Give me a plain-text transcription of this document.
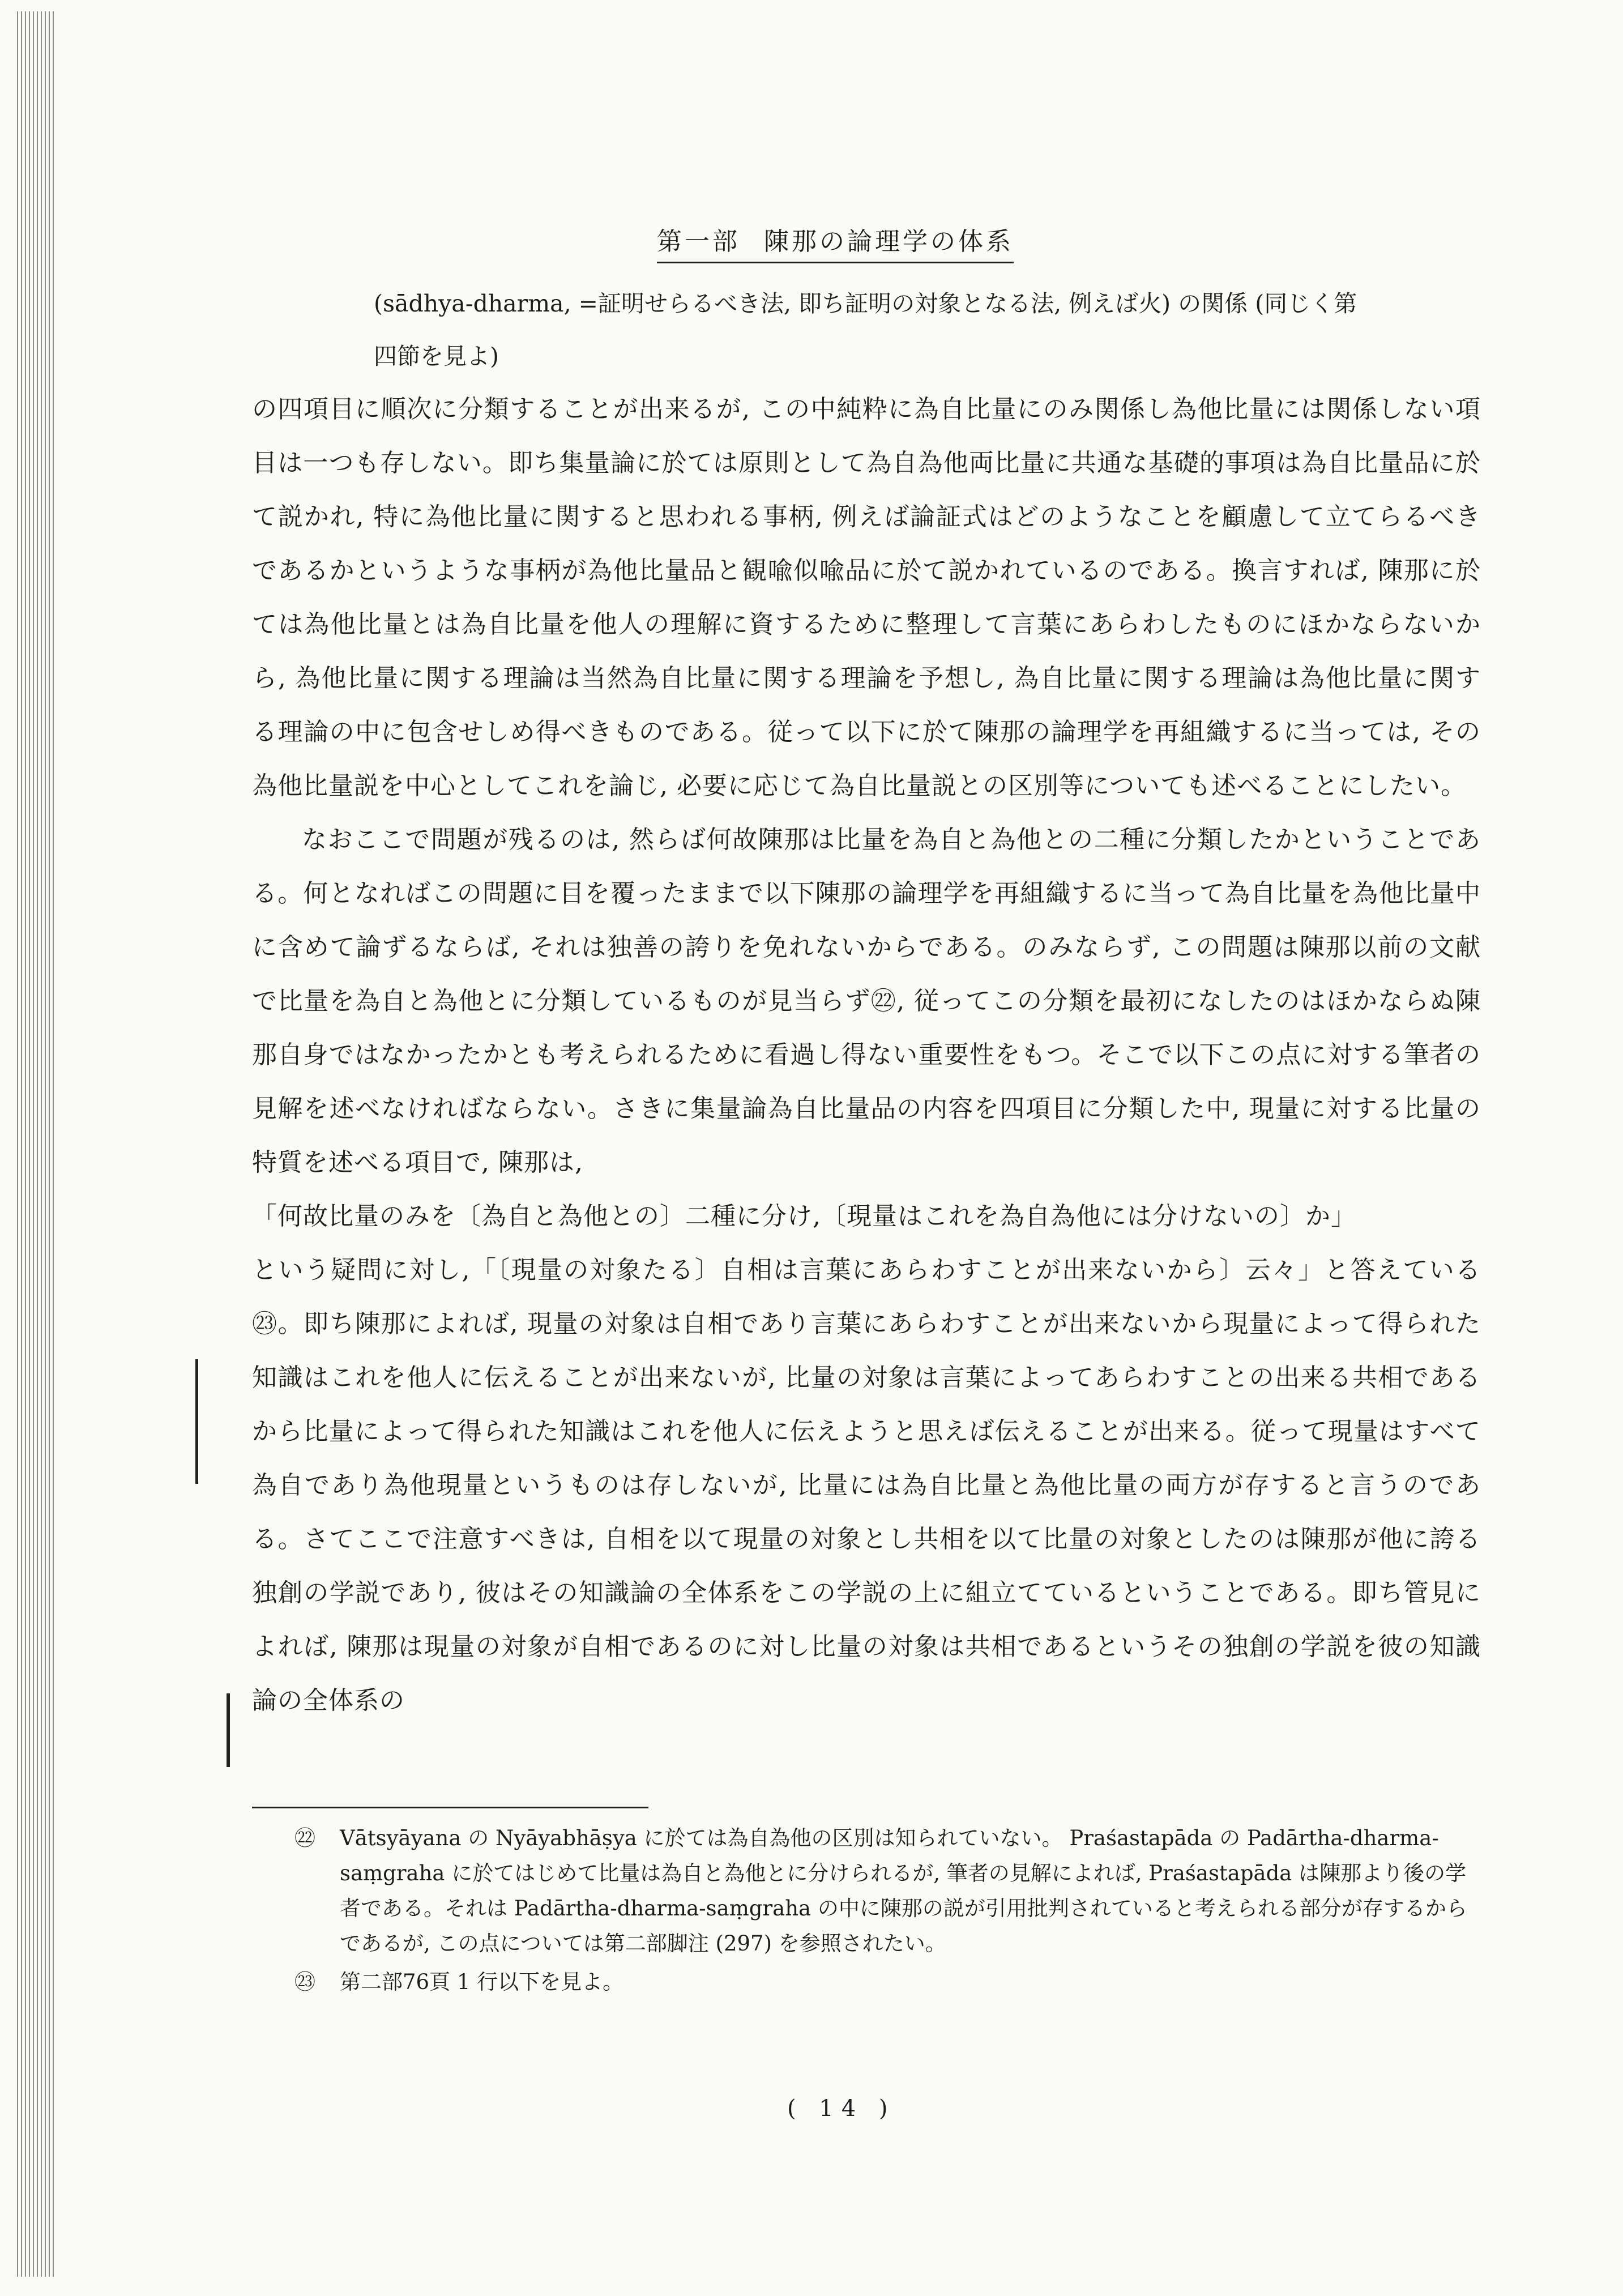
第一部 陳那の論理学の体系
(sādhya-dharma, =証明せらるべき法, 即ち証明の対象となる法, 例えば火) の関係 (同じく第
四節を見よ)

の四項目に順次に分類することが出来るが, この中純粋に為自比量にのみ関係し為他比量には関係しない項目は一つも存しない。即ち集量論に於ては原則として為自為他両比量に共通な基礎的事項は為自比量品に於て説かれ, 特に為他比量に関すると思われる事柄, 例えば論証式はどのようなことを顧慮して立てらるべきであるかというような事柄が為他比量品と観喩似喩品に於て説かれているのである。換言すれば, 陳那に於ては為他比量とは為自比量を他人の理解に資するために整理して言葉にあらわしたものにほかならないから, 為他比量に関する理論は当然為自比量に関する理論を予想し, 為自比量に関する理論は為他比量に関する理論の中に包含せしめ得べきものである。従って以下に於て陳那の論理学を再組織するに当っては, その為他比量説を中心としてこれを論じ, 必要に応じて為自比量説との区別等についても述べることにしたい。

なおここで問題が残るのは, 然らば何故陳那は比量を為自と為他との二種に分類したかということである。何となればこの問題に目を覆ったままで以下陳那の論理学を再組織するに当って為自比量を為他比量中に含めて論ずるならば, それは独善の誇りを免れないからである。のみならず, この問題は陳那以前の文献で比量を為自と為他とに分類しているものが見当らず㉒, 従ってこの分類を最初になしたのはほかならぬ陳那自身ではなかったかとも考えられるために看過し得ない重要性をもつ。そこで以下この点に対する筆者の見解を述べなければならない。さきに集量論為自比量品の内容を四項目に分類した中, 現量に対する比量の特質を述べる項目で, 陳那は,

「何故比量のみを〔為自と為他との〕二種に分け,〔現量はこれを為自為他には分けないの〕か」

という疑問に対し,「〔現量の対象たる〕自相は言葉にあらわすことが出来ないから〕云々」と答えている㉓。即ち陳那によれば, 現量の対象は自相であり言葉にあらわすことが出来ないから現量によって得られた知識はこれを他人に伝えることが出来ないが, 比量の対象は言葉によってあらわすことの出来る共相であるから比量によって得られた知識はこれを他人に伝えようと思えば伝えることが出来る。従って現量はすべて為自であり為他現量というものは存しないが, 比量には為自比量と為他比量の両方が存すると言うのである。さてここで注意すべきは, 自相を以て現量の対象とし共相を以て比量の対象としたのは陳那が他に誇る独創の学説であり, 彼はその知識論の全体系をこの学説の上に組立てているということである。即ち管見によれば, 陳那は現量の対象が自相であるのに対し比量の対象は共相であるというその独創の学説を彼の知識論の全体系の

㉒ Vātsyāyana の Nyāyabhāṣya に於ては為自為他の区別は知られていない。 Praśastapāda の Padārtha-dharma-saṃgraha に於てはじめて比量は為自と為他とに分けられるが, 筆者の見解によれば, Praśastapāda は陳那より後の学者である。それは Padārtha-dharma-saṃgraha の中に陳那の説が引用批判されていると考えられる部分が存するからであるが, この点については第二部脚注 (297) を参照されたい。
㉓ 第二部76頁 1 行以下を見よ。
( 14 )
